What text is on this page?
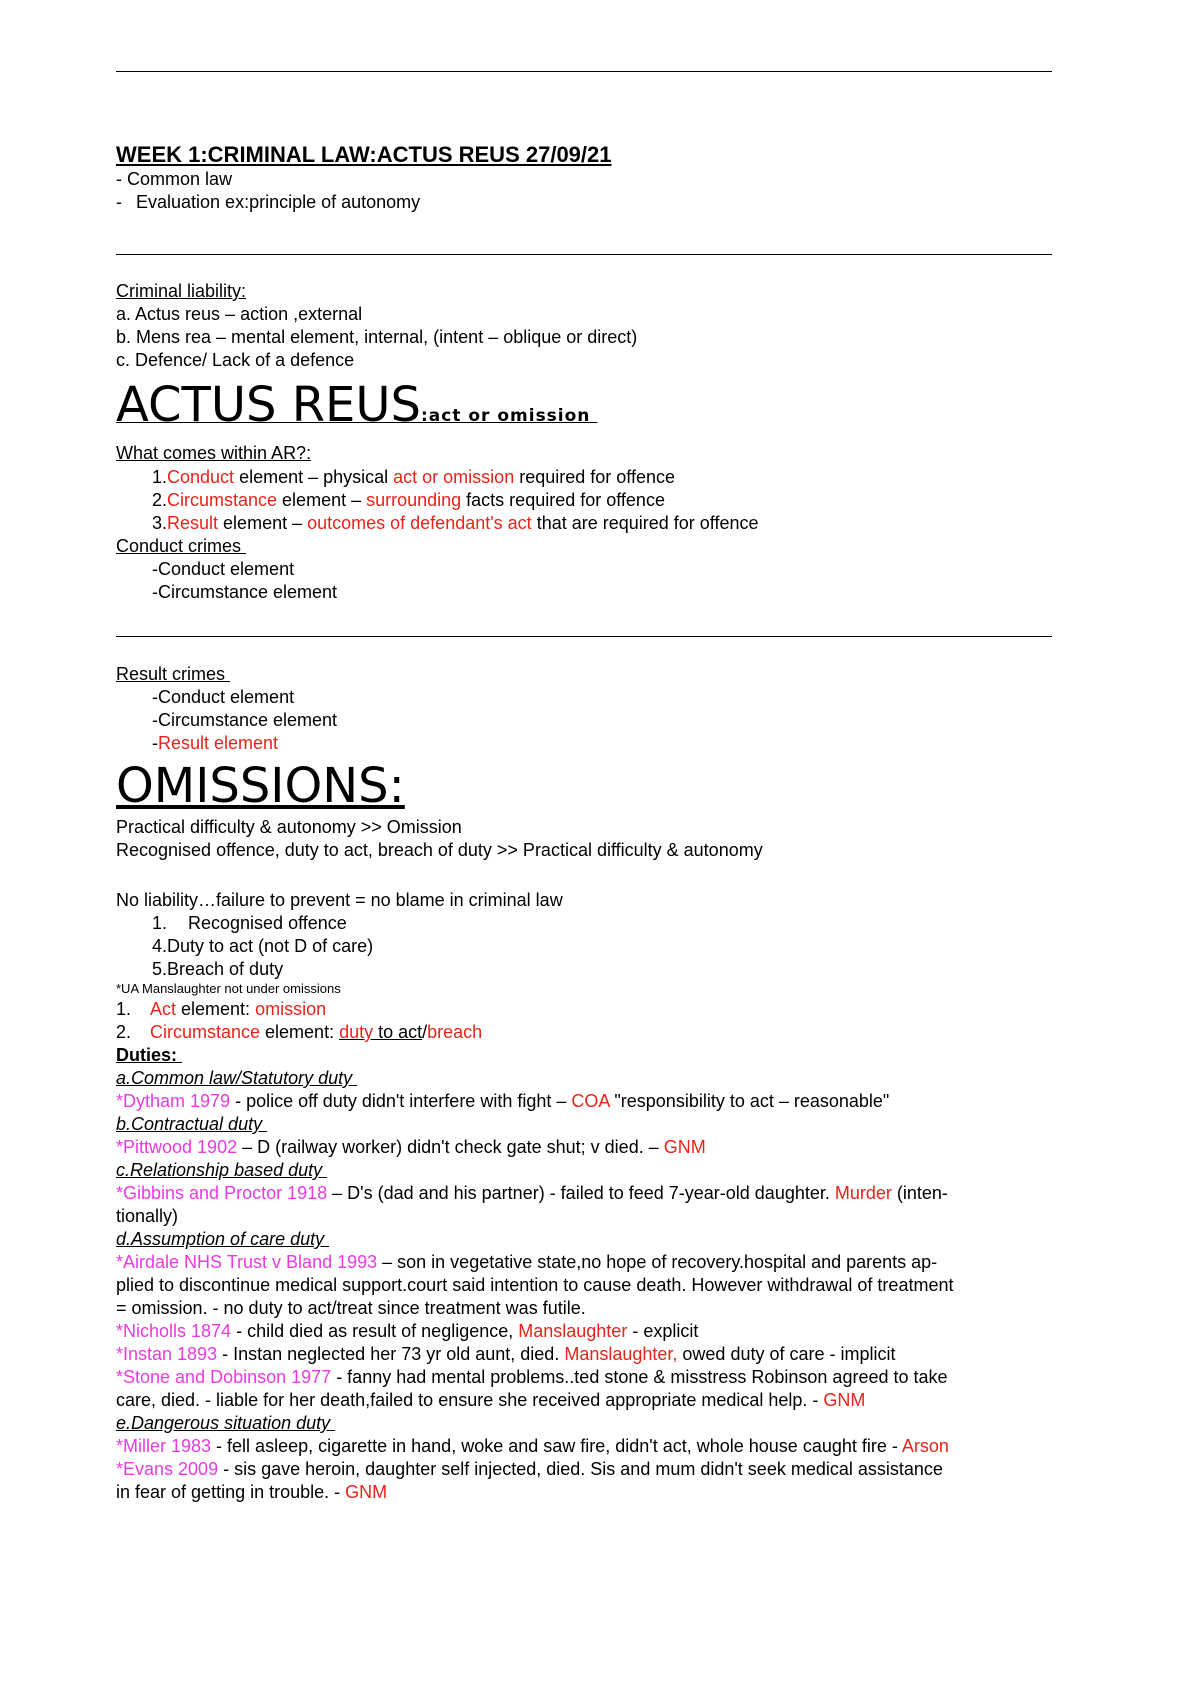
WEEK 1:CRIMINAL LAW:ACTUS REUS 27/09/21
- Common law
- Evaluation ex:principle of autonomy
Criminal liability:
a. Actus reus – action ,external
b. Mens rea – mental element, internal, (intent – oblique or direct)
c. Defence/ Lack of a defence
ACTUS REUS:act or omission
What comes within AR?:
1.Conduct element – physical act or omission required for offence
2.Circumstance element – surrounding facts required for offence
3.Result element – outcomes of defendant's act that are required for offence
Conduct crimes
-Conduct element
-Circumstance element
Result crimes
-Conduct element
-Circumstance element
-Result element
OMISSIONS:
Practical difficulty & autonomy >> Omission
Recognised offence, duty to act, breach of duty >> Practical difficulty & autonomy
No liability…failure to prevent = no blame in criminal law
1. Recognised offence
4.Duty to act (not D of care)
5.Breach of duty
*UA Manslaughter not under omissions
1. Act element: omission
2. Circumstance element: duty to act/breach
Duties:
a.Common law/Statutory duty
*Dytham 1979 - police off duty didn't interfere with fight – COA "responsibility to act – reasonable"
b.Contractual duty
*Pittwood 1902 – D (railway worker) didn't check gate shut; v died. – GNM
c.Relationship based duty
*Gibbins and Proctor 1918 – D's (dad and his partner) - failed to feed 7-year-old daughter. Murder (inten-
tionally)
d.Assumption of care duty
*Airdale NHS Trust v Bland 1993 – son in vegetative state,no hope of recovery.hospital and parents ap-
plied to discontinue medical support.court said intention to cause death. However withdrawal of treatment
= omission. - no duty to act/treat since treatment was futile.
*Nicholls 1874 - child died as result of negligence, Manslaughter - explicit
*Instan 1893 - Instan neglected her 73 yr old aunt, died. Manslaughter, owed duty of care - implicit
*Stone and Dobinson 1977 - fanny had mental problems..ted stone & misstress Robinson agreed to take
care, died. - liable for her death,failed to ensure she received appropriate medical help. - GNM
e.Dangerous situation duty
*Miller 1983 - fell asleep, cigarette in hand, woke and saw fire, didn't act, whole house caught fire - Arson
*Evans 2009 - sis gave heroin, daughter self injected, died. Sis and mum didn't seek medical assistance
in fear of getting in trouble. - GNM
